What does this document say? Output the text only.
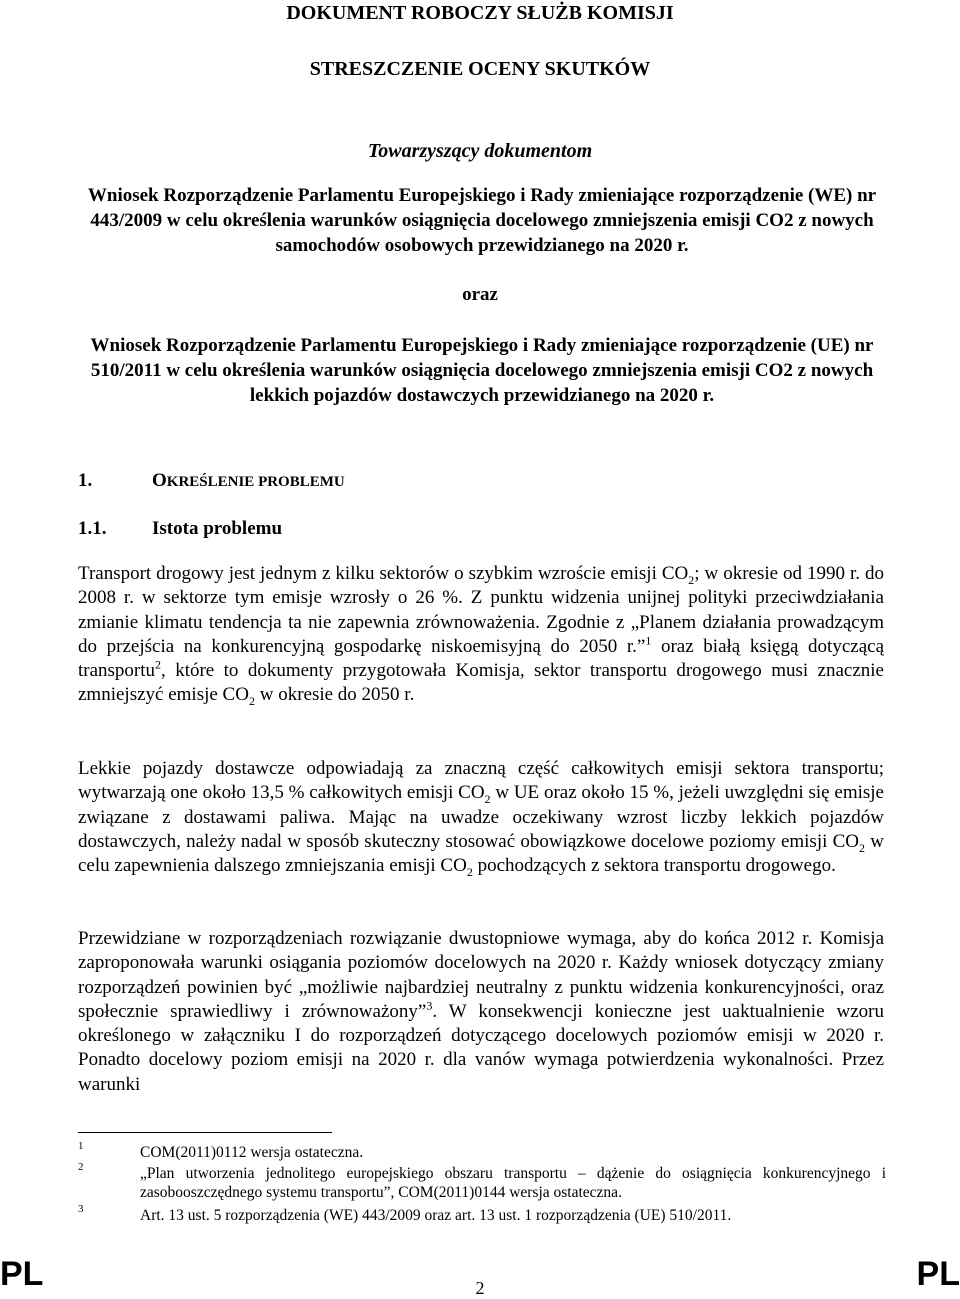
DOKUMENT ROBOCZY SŁUŻB KOMISJI
STRESZCZENIE OCENY SKUTKÓW
Towarzyszący dokumentom
Wniosek Rozporządzenie Parlamentu Europejskiego i Rady zmieniające rozporządzenie (WE) nr 443/2009 w celu określenia warunków osiągnięcia docelowego zmniejszenia emisji CO2 z nowych samochodów osobowych przewidzianego na 2020 r.
oraz
Wniosek Rozporządzenie Parlamentu Europejskiego i Rady zmieniające rozporządzenie (UE) nr 510/2011 w celu określenia warunków osiągnięcia docelowego zmniejszenia emisji CO2 z nowych lekkich pojazdów dostawczych przewidzianego na 2020 r.
1.	OKREŚLENIE PROBLEMU
1.1. Istota problemu
Transport drogowy jest jednym z kilku sektorów o szybkim wzroście emisji $CO_2$; w okresie od 1990 r. do 2008 r. w sektorze tym emisje wzrosły o 26 %. Z punktu widzenia unijnej polityki przeciwdziałania zmianie klimatu tendencja ta nie zapewnia zrównoważenia. Zgodnie z „Planem działania prowadzącym do przejścia na konkurencyjną gospodarkę niskoemisyjną do 2050 r.”$^1$ oraz białą księgą dotyczącą transportu$^2$, które to dokumenty przygotowała Komisja, sektor transportu drogowego musi znacznie zmniejszyć emisje $CO_2$ w okresie do 2050 r.
Lekkie pojazdy dostawcze odpowiadają za znaczną część całkowitych emisji sektora transportu; wytwarzają one około 13,5 % całkowitych emisji $CO_2$ w UE oraz około 15 %, jeżeli uwzględni się emisje związane z dostawami paliwa. Mając na uwadze oczekiwany wzrost liczby lekkich pojazdów dostawczych, należy nadal w sposób skuteczny stosować obowiązkowe docelowe poziomy emisji $CO_2$ w celu zapewnienia dalszego zmniejszania emisji $CO_2$ pochodzących z sektora transportu drogowego.
Przewidziane w rozporządzeniach rozwiązanie dwustopniowe wymaga, aby do końca 2012 r. Komisja zaproponowała warunki osiągania poziomów docelowych na 2020 r. Każdy wniosek dotyczący zmiany rozporządzeń powinien być „możliwie najbardziej neutralny z punktu widzenia konkurencyjności, oraz społecznie sprawiedliwy i zrównoważony”$^3$. W konsekwencji konieczne jest uaktualnienie wzoru określonego w załączniku I do rozporządzeń dotyczącego docelowych poziomów emisji w 2020 r. Ponadto docelowy poziom emisji na 2020 r. dla vanów wymaga potwierdzenia wykonalności. Przez warunki
1	COM(2011)0112 wersja ostateczna.
2	„Plan utworzenia jednolitego europejskiego obszaru transportu – dążenie do osiągnięcia konkurencyjnego i zasobooszczędnego systemu transportu”, COM(2011)0144 wersja ostateczna.
3	Art. 13 ust. 5 rozporządzenia (WE) 443/2009 oraz art. 13 ust. 1 rozporządzenia (UE) 510/2011.
PL	2	PL
